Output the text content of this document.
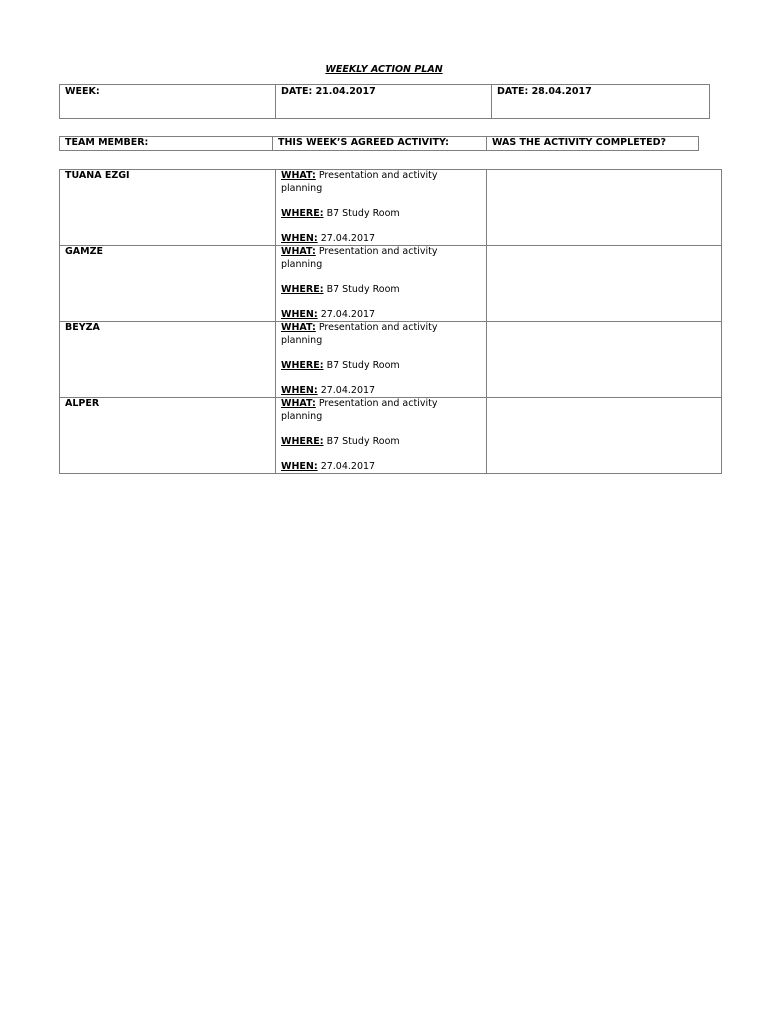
WEEKLY ACTION PLAN
WEEK:	DATE: 21.04.2017	DATE: 28.04.2017
TEAM MEMBER:	THIS WEEK’S AGREED ACTIVITY:	WAS THE ACTIVITY COMPLETED?
TUANA EZGI	WHAT: Presentation and activity planning
WHERE: B7 Study Room
WHEN: 27.04.2017	

GAMZE	WHAT: Presentation and activity planning
WHERE: B7 Study Room
WHEN: 27.04.2017	

BEYZA	WHAT: Presentation and activity planning
WHERE: B7 Study Room
WHEN: 27.04.2017	

ALPER	WHAT: Presentation and activity planning
WHERE: B7 Study Room
WHEN: 27.04.2017	
